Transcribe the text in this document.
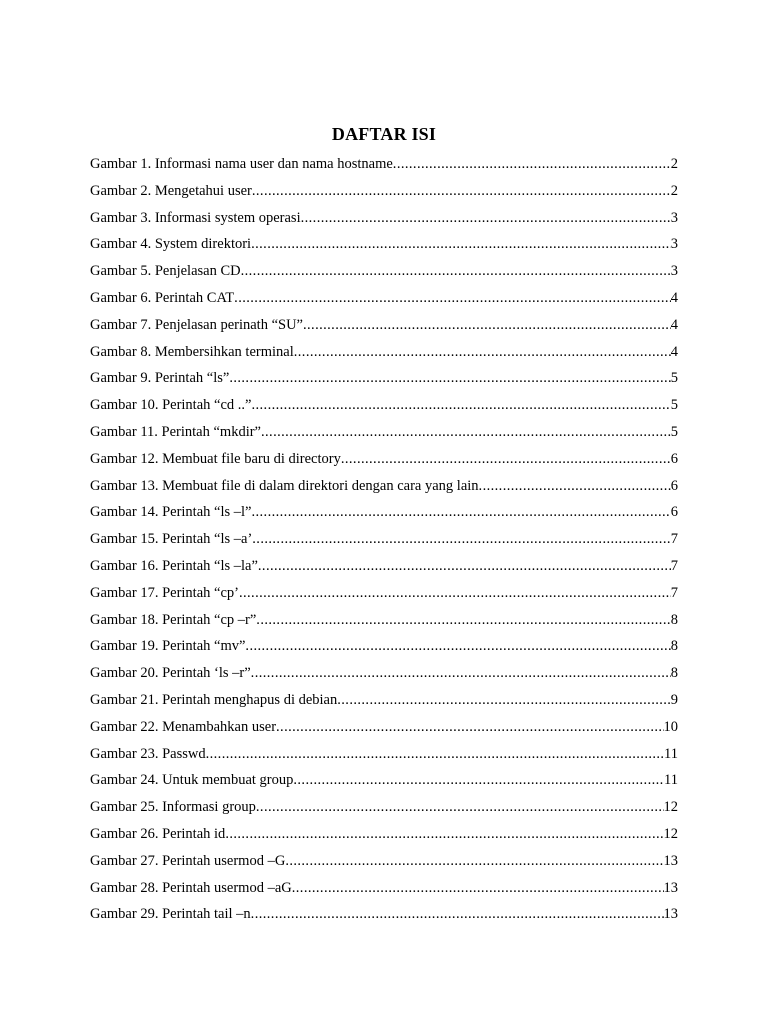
DAFTAR ISI
Gambar 1. Informasi nama user dan nama hostname .....	2
Gambar 2. Mengetahui user .....	2
Gambar 3. Informasi system operasi .....	3
Gambar 4. System direktori .....	3
Gambar 5. Penjelasan CD .....	3
Gambar 6. Perintah CAT .....	4
Gambar 7. Penjelasan perinath “SU” .....	4
Gambar 8. Membersihkan terminal .....	4
Gambar 9. Perintah “ls” .....	5
Gambar 10. Perintah “cd ..” .....	5
Gambar 11. Perintah “mkdir” .....	5
Gambar 12. Membuat file baru di directory .....	6
Gambar 13. Membuat file di dalam direktori dengan cara yang lain .....	6
Gambar 14. Perintah “ls –l” .....	6
Gambar 15. Perintah “ls –a’ .....	7
Gambar 16. Perintah “ls –la” .....	7
Gambar 17. Perintah “cp’ .....	7
Gambar 18. Perintah “cp –r” .....	8
Gambar 19. Perintah “mv” .....	8
Gambar 20. Perintah ‘ls –r” .....	8
Gambar 21. Perintah menghapus di debian .....	9
Gambar 22. Menambahkan user .....	10
Gambar 23. Passwd .....	11
Gambar 24. Untuk membuat group .....	11
Gambar 25. Informasi group .....	12
Gambar 26. Perintah id .....	12
Gambar 27. Perintah usermod –G .....	13
Gambar 28. Perintah usermod –aG .....	13
Gambar 29. Perintah tail –n .....	13
